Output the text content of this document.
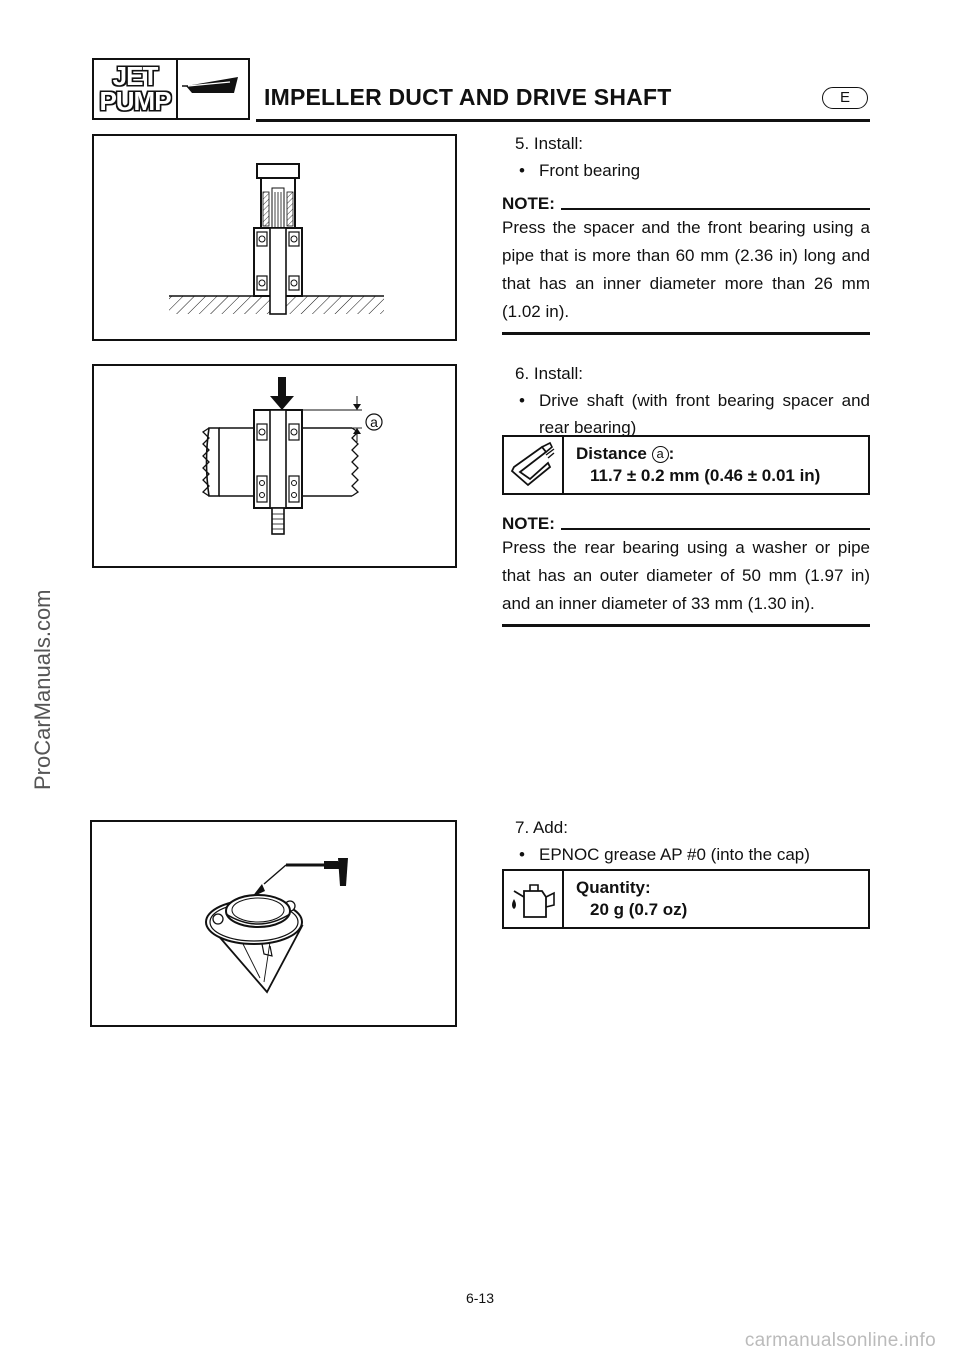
JET
PUMP	IMPELLER DUCT AND DRIVE SHAFT	E
a
5. Install:
• Front bearing
NOTE:
Press the spacer and the front bearing using a pipe that is more than 60 mm (2.36 in) long and that has an inner diameter more than 26 mm (1.02 in).
6. Install:
• Drive shaft (with front bearing spacer and rear bearing)
Distance a :
11.7 ± 0.2 mm (0.46 ± 0.01 in)
NOTE:
Press the rear bearing using a washer or pipe that has an outer diameter of 50 mm (1.97 in) and an inner diameter of 33 mm (1.30 in).
7. Add:
• EPNOC grease AP #0 (into the cap)
Quantity:
20 g (0.7 oz)
ProCarManuals.com
6-13
carmanualsonline.info
